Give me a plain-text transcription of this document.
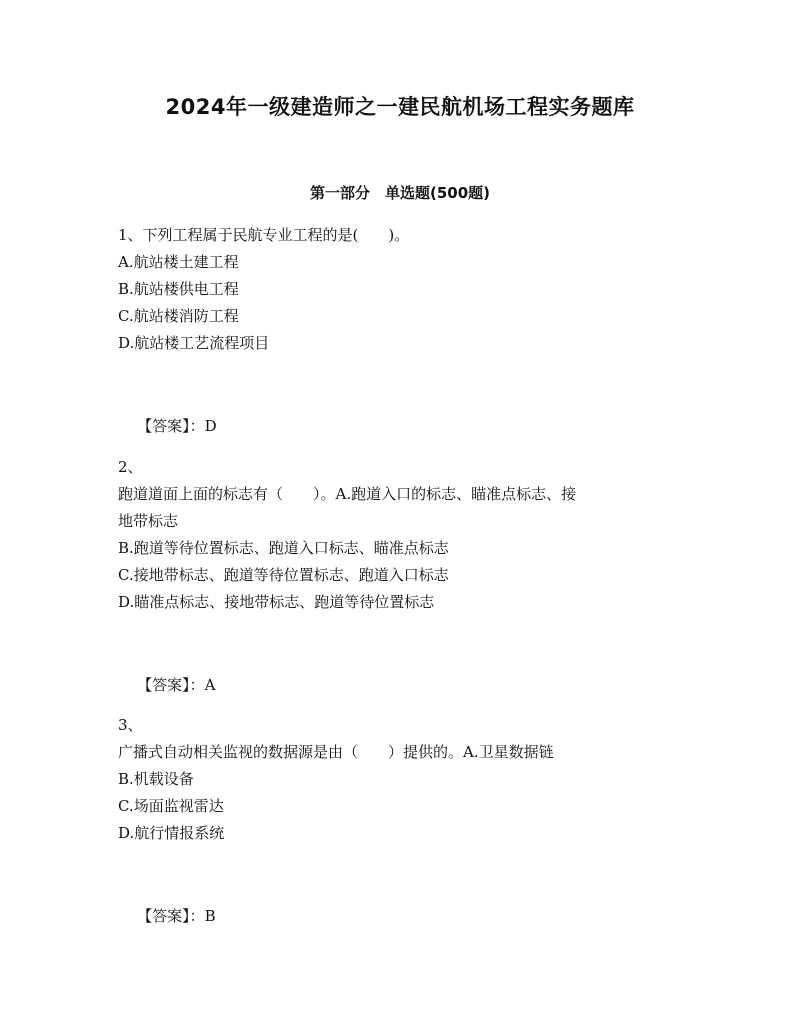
2024年一级建造师之一建民航机场工程实务题库
第一部分　单选题(500题)
1、下列工程属于民航专业工程的是(　　)。
A.航站楼土建工程
B.航站楼供电工程
C.航站楼消防工程
D.航站楼工艺流程项目

【答案】：D

2、
跑道道面上面的标志有（　　）。A.跑道入口的标志、瞄准点标志、接
地带标志
B.跑道等待位置标志、跑道入口标志、瞄准点标志
C.接地带标志、跑道等待位置标志、跑道入口标志
D.瞄准点标志、接地带标志、跑道等待位置标志

【答案】：A

3、
广播式自动相关监视的数据源是由（　　）提供的。A.卫星数据链
B.机载设备
C.场面监视雷达
D.航行情报系统

【答案】：B
